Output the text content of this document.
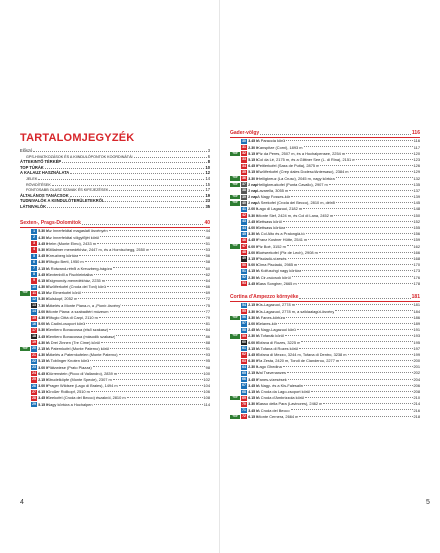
TARTALOMJEGYZÉK
Előszó	3
GPS-HIVATKOZÁSOK ÉS A KIINDULÓPONTOK KOORDINÁTÁI	6
ÁTTEKINTŐ TÉRKÉP	8
TOP TÚRÁK	10
A KALAUZ HASZNÁLATA	12
JELEK	14
RÖVIDÍTÉSEK	15
FONTOSABB OLASZ SZAVAK ÉS KIFEJEZÉSEK	17
ÁLTALÁNOS TANÁCSOK	19
TUDNIVALÓK A KIINDULÓTERÜLETEKRŐL	23
LÁTNIVALÓK	35
Sexten-, Prags-Dolomitok	40
1 5.30 h Az Innerfeldtal magaslati ösvényén	44
2 4.30 h Az Innerfeldtal völgyfőjét körül	48
3 3.45 h Helm (Monte Elmo), 2433 m	51
4 5.30 h Stillalmer menedékház, 2447 m, és a Hornischegg, 2550 m	53
5 3.45 h Kreuzberg körtúra	56
6 4.30 h Rifugio Berti, 1950 m	58
7 2.15 h A Rotwand-rétről a Kreuzberg-hágóra	60
8 3.45 h Sextenből a Fischleintalba	62
9 6.15 h Zsigmondy-menedékház, 2235 m	64
10 4.30 h Zwölferkofel (Croda dei Toni) körül	66
TOP	11 6.15 h Az Elmerkofel körül	69
12 5.30 h Sulskopf, 2052 m	72
13 7.30 h Átkelés a Monte Piana-n, a „Pionír-ösvény”	75
14 3.00 h Monte Piana: a szabadtéri múzeum	77
15 4.30 h Rifugio Città di Carpi, 2110 m	79
16 5.00 h A Cadini-csoport körül	81
17 5.30 h Sentiero Bonacossa (első szakasz)	84
18 3.45 h Sentiero Bonacossa (második szakasz)	86
19 4.30 h A Drei Zinnen (Tre Cime) körül	88
TOP	20 2.15 h A Paternkofel (Monte Paterno) körül	91
21 4.30 h Átkelés a Paternkofelen (Monte Paterno)	93
22 5.15 h A Toblinger Knoten körül	95
23 3.00 h Plätzwiese (Prato Piazza)	98
24 6.45 h Dürrenstein (Picco di Vallandro), 2839 m	100
25 2.15 h Strudelköpfe (Monte Specie), 2307 m	102
26 3.00 h Prager Wildsee (Lago di Braies), 1494 m	104
27 6.15 h Großer Rollkopf, 2510 m	106
28 3.45 h Seekofel (Croda del Becco) északról, 2810 m	108
29 5.15 h Nagy körtúra a Hochalpen	114
4
Gader-völgy	116
30 3.45 h A Paraccia körül	116
31 2.30 h Kanspitze (Corni), 1893 m	117
TOP	32 5.15 h Piz da Peres, 2507 m, és a Hochalpensee, 2254 m	120
33 5.15 h Col da Lé, 2175 m, és a Glittner See (L. di Rina), 2151 m	123
34 6.45 h Peitlerkofel (Sass de Putia), 2875 m	126
35 5.15 h Zwölferkofel (Crep dales Dodesc/Antersasc), 2384 m	129
TOP	36 3.30 h Heiligkreuz (La Crusc), 2045 m, nagy körtúra	132
TOP	37 2 nap Heiligkreuzkofel (Punta Cavallo), 2907 m	135
38 2 nap Lavarella, 3055 m	137
TOP	39 2 nap A Nagy Fosses-kör	139
TOP	40 2 nap A Seekofel (Croda del Becco), 2810 m, délről	145
41 2.00 h Lago di Lagazuoi, 2182 m	148
42 5.30 h Monte Sief, 2424 m, és Col di Lana, 2452 m	150
43 2.45 h Settsass körül	152
44 4.00 h Settsass körtúra	155
45 3.30 h A Col Alto és a Pralongià-tó	156
46 4.45 h Franz Kostner Hütte, 2541 m	159
TOP	47 6.00 h Piz Boè, 3152 m	162
48 3.00 h Boèseekofel (Piz de Lech), 2908 m	166
49 3.15 h Pisciadù-vízesés	168
50 5.00 h Cima Pisciadù, 2985 m	170
51 4.15 h A Kolfuschgi nagy körtúra	173
52 2.30 h A Cir-csúcsok körül	176
53 3.45 h Sass Songher, 2665 m	178
Cortina d'Ampezzo környéke	181
54 2.15 h Kis-Lagazuoi, 2778 m	181
55 3.30 h Kis-Lagazuoi, 2778 m, a sziklaalagút-ösvény	184
TOP	56 3.30 h A Fanes-körtúra	186
57 3.00 h Selares-kör	189
58 2.45 h A Nagy-Lagazuoi körül	191
TOP	59 2.30 h A Tofanák körül	193
60 6.00 h Tofana di Rozes, 3225 m	195
61 3.15 h A Tofana di Rozes körül	197
62 3.45 h Tofana di Mezzo, 3244 m, Tofana di Dentro, 3238 m	199
63 6.30 h Ra Zesta, 2420 m, Tondi de Cianderou, 2277 m	200
64 2.30 h Lago Ghedina	201
65 2.15 h Val Travenanzes	202
66 3.45 h Fanes-vízesések	204
67 3.45 h A Nagy- és a Kis-Falesalin	206
68 4.15 h A Croda da Lago-csoport körül	208
TOP	69 6.15 h A Croda d'Ambrizzola körül	210
70 3.30 h Sasso della Para (Lavinores), 2462 m	214
71 3.45 h A Croda del Becco	216
TOP	72 6.15 h Monte Cernera, 2664 m	218
5
